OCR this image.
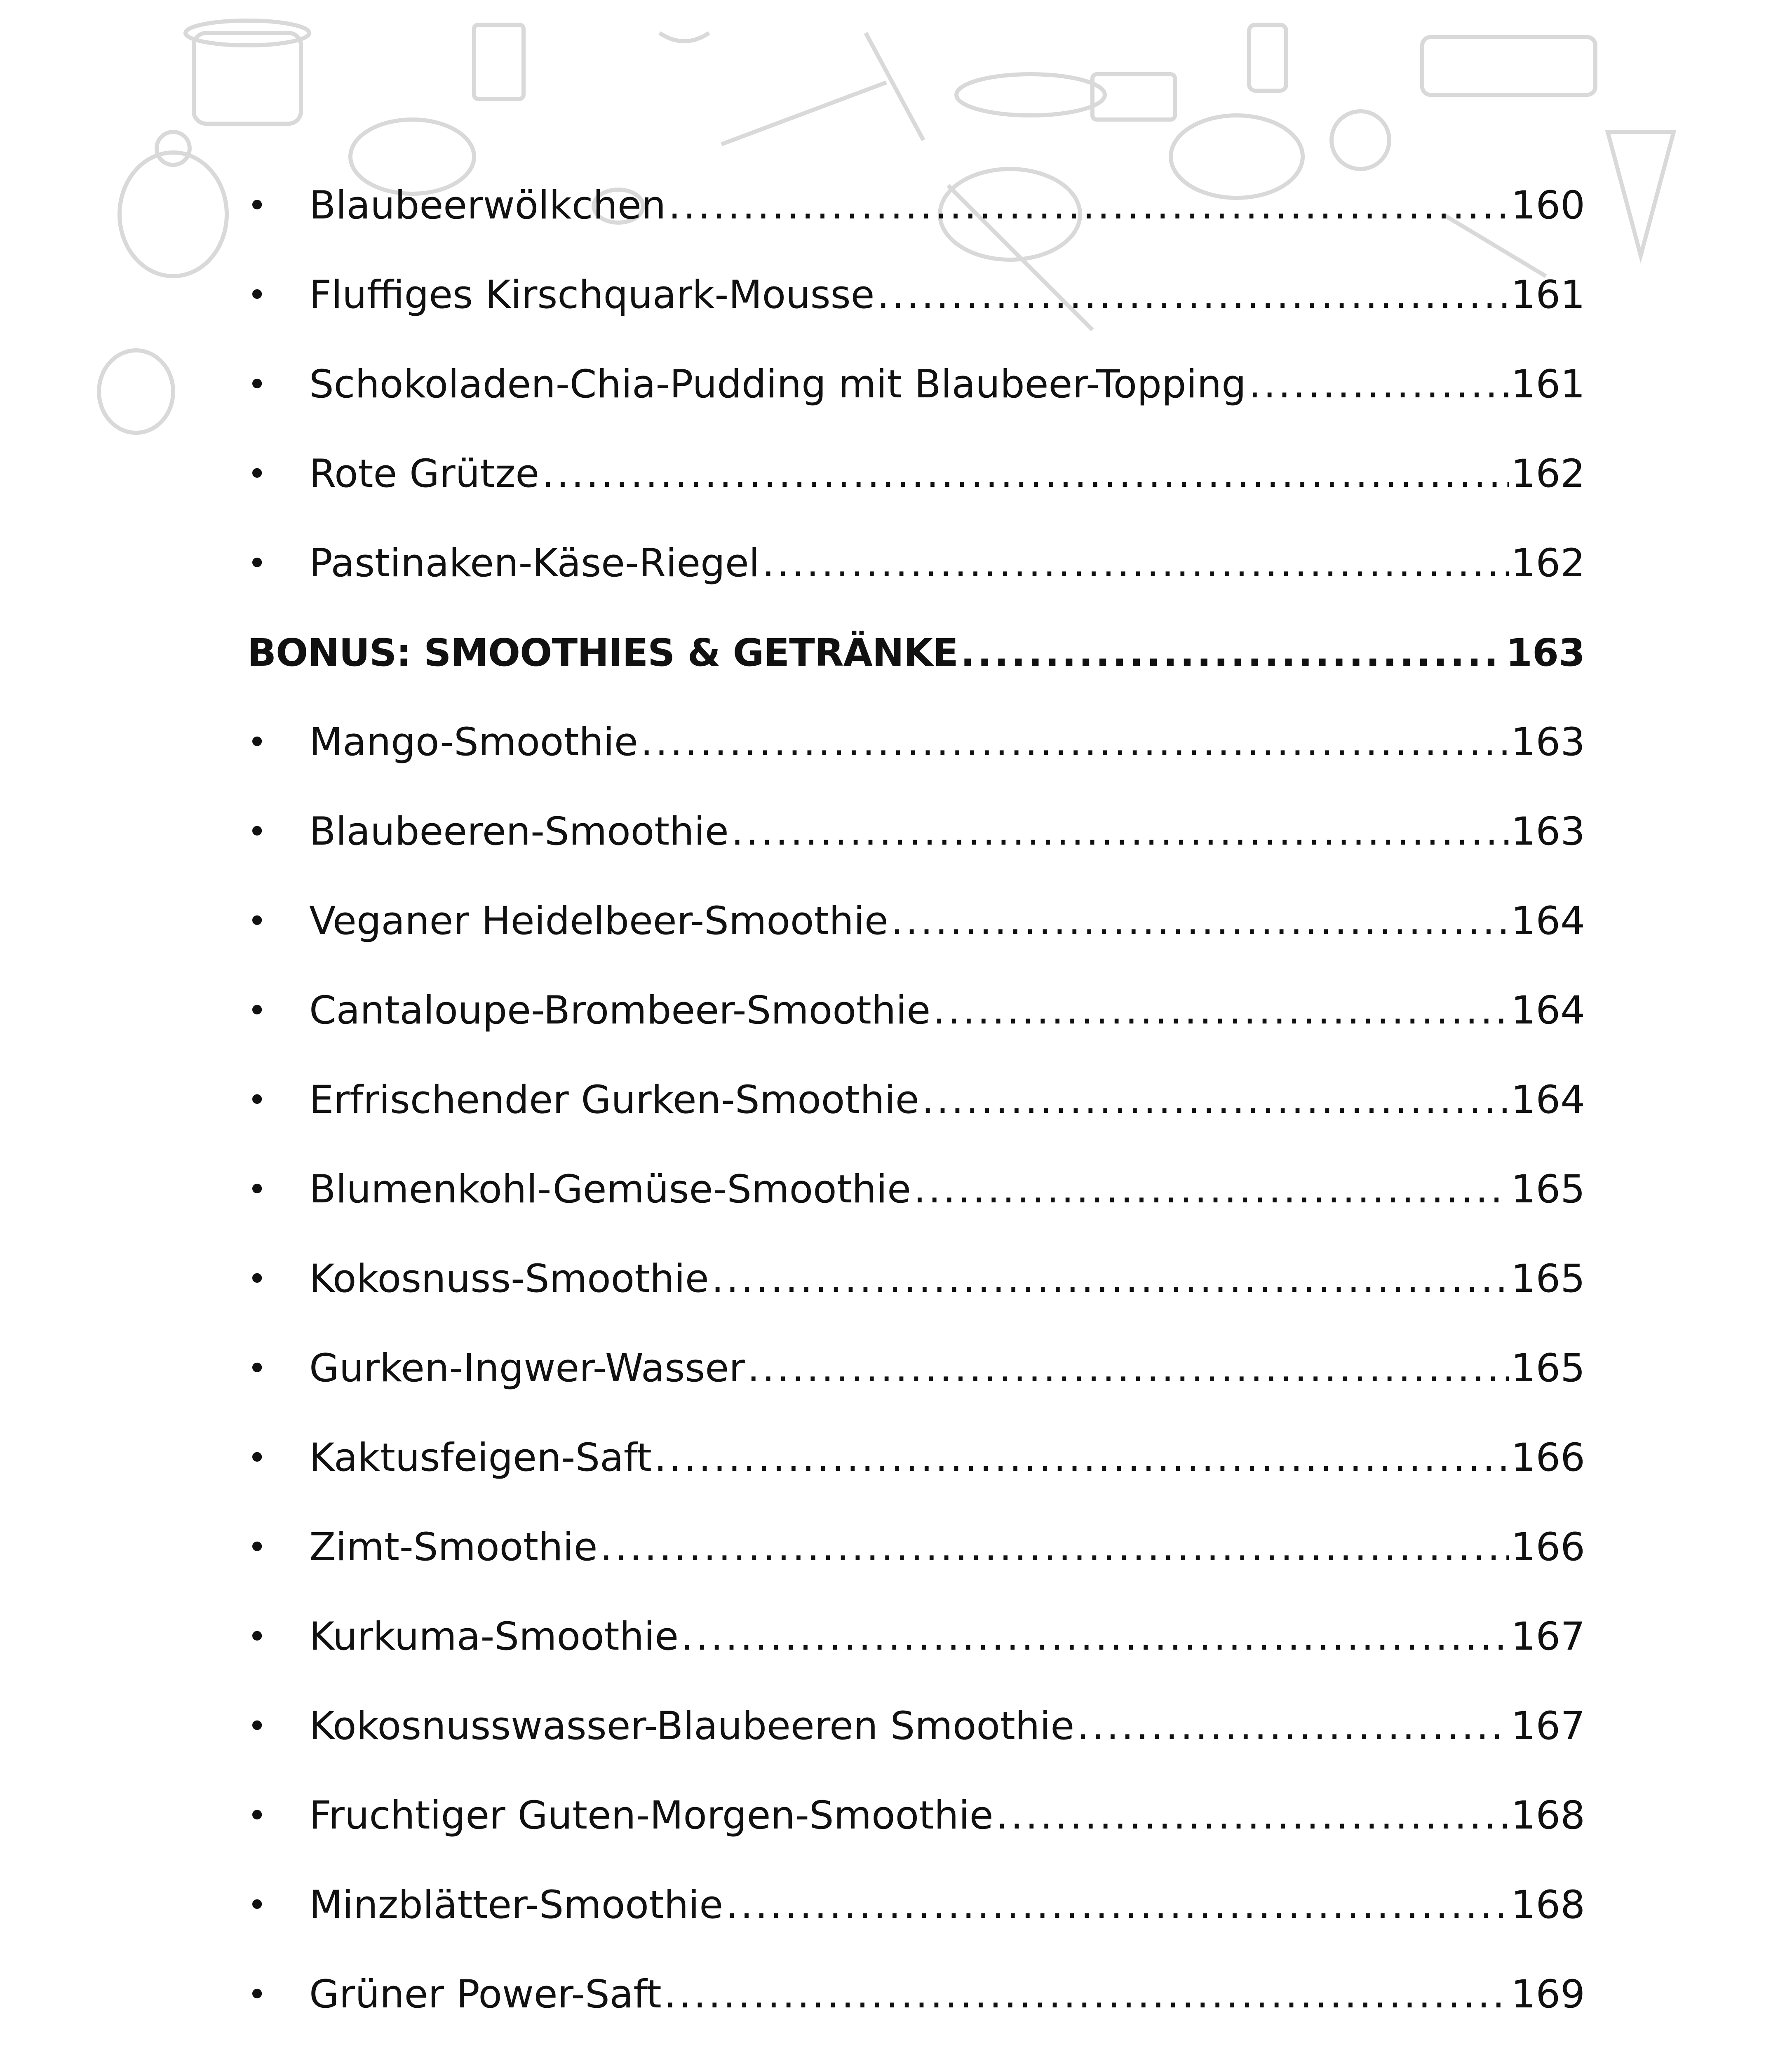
•	Blaubeerwölkchen .....	160
•	Fluffiges Kirschquark-Mousse .....	161
•	Schokoladen-Chia-Pudding mit Blaubeer-Topping .....	161
•	Rote Grütze .....	162
•	Pastinaken-Käse-Riegel .....	162
BONUS: SMOOTHIES & GETRÄNKE .....	163
•	Mango-Smoothie .....	163
•	Blaubeeren-Smoothie .....	163
•	Veganer Heidelbeer-Smoothie .....	164
•	Cantaloupe-Brombeer-Smoothie .....	164
•	Erfrischender Gurken-Smoothie .....	164
•	Blumenkohl-Gemüse-Smoothie .....	165
•	Kokosnuss-Smoothie .....	165
•	Gurken-Ingwer-Wasser .....	165
•	Kaktusfeigen-Saft .....	166
•	Zimt-Smoothie .....	166
•	Kurkuma-Smoothie .....	167
•	Kokosnusswasser-Blaubeeren Smoothie .....	167
•	Fruchtiger Guten-Morgen-Smoothie .....	168
•	Minzblätter-Smoothie .....	168
•	Grüner Power-Saft .....	169
